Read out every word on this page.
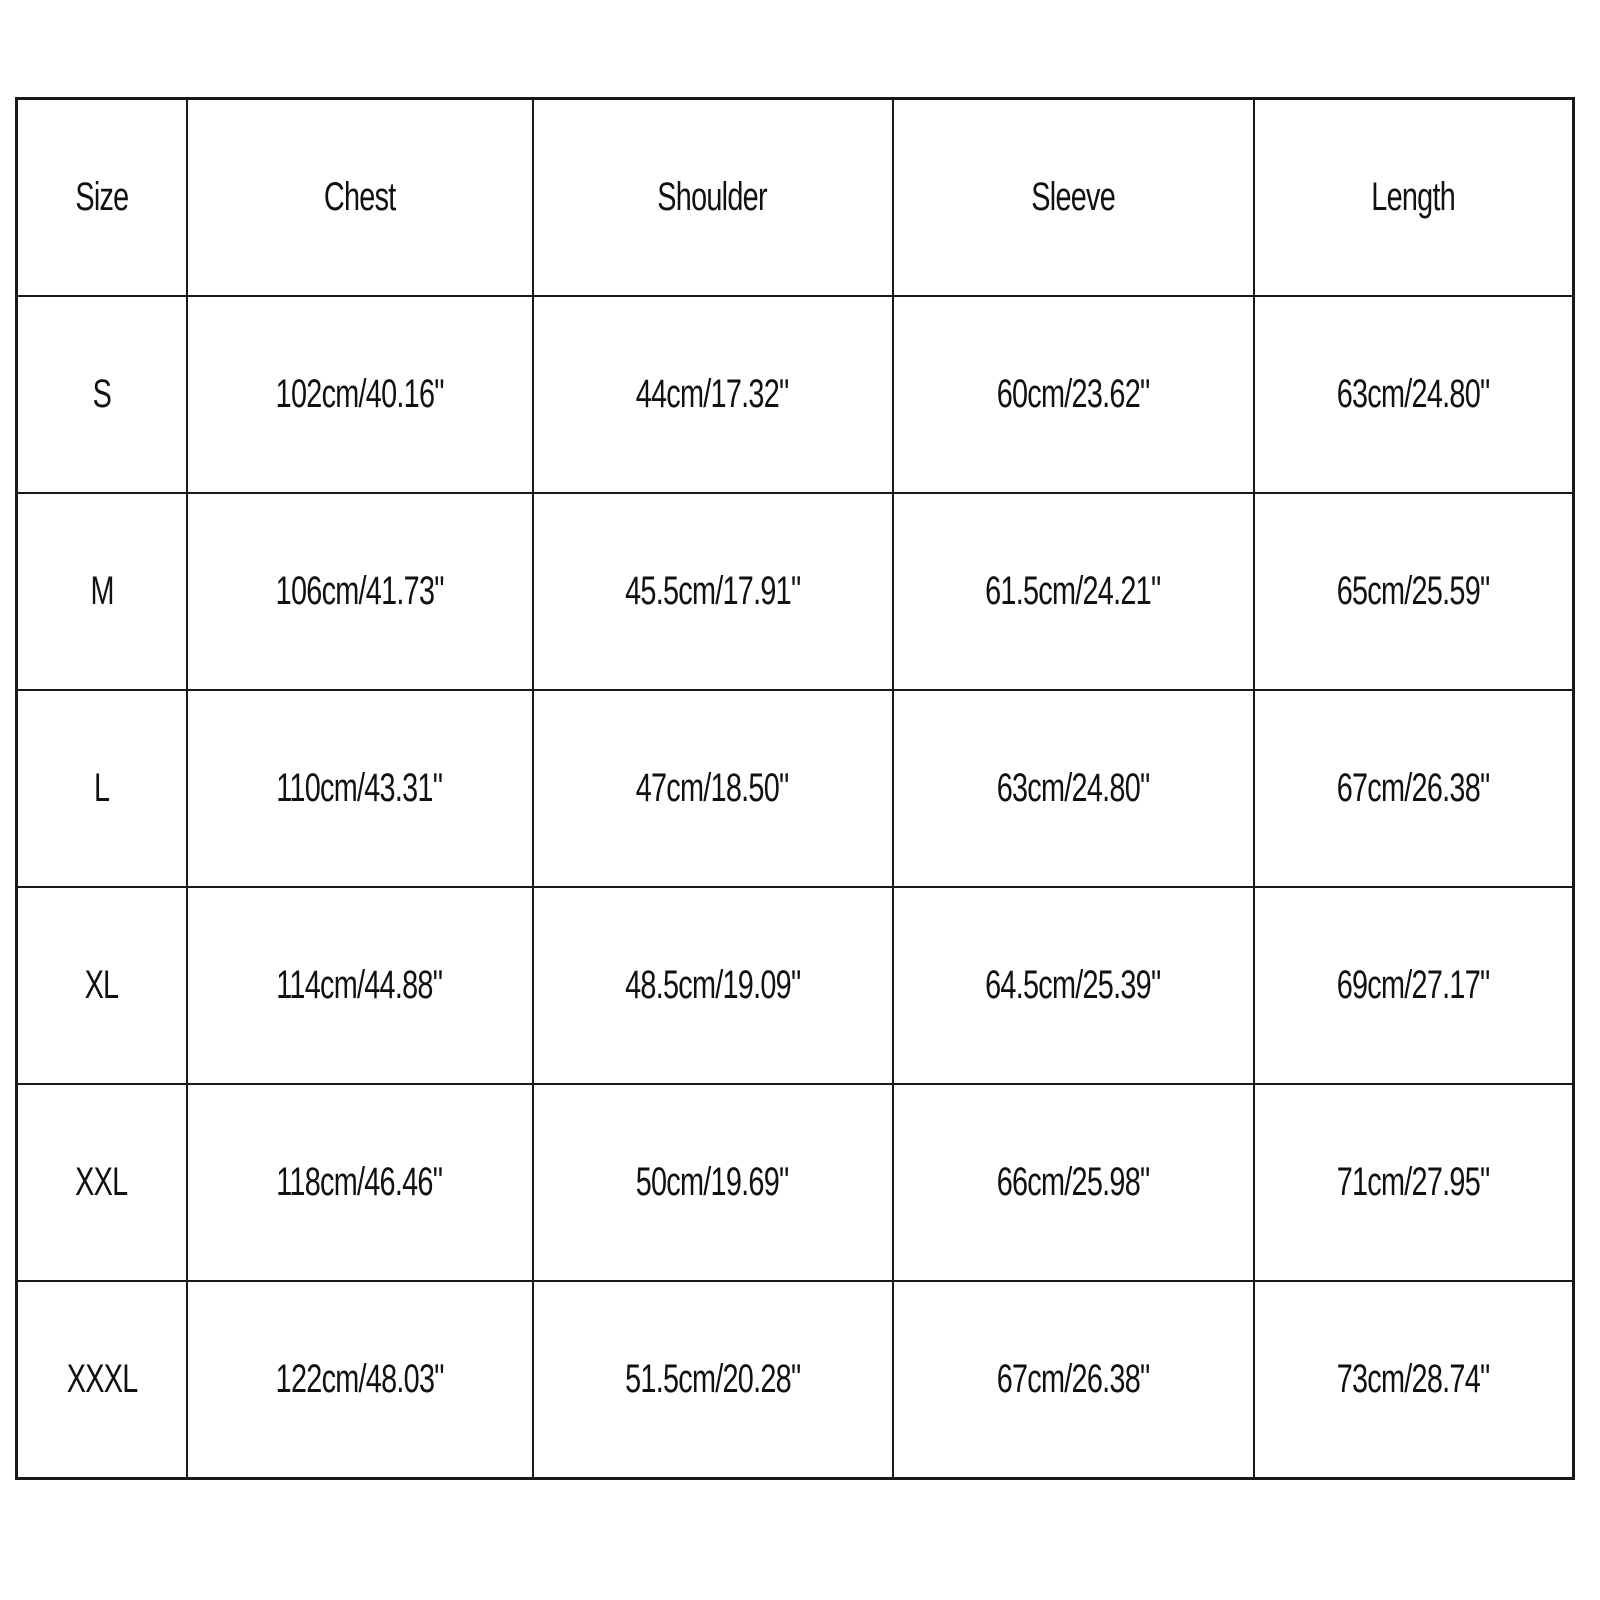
Size	Chest	Shoulder	Sleeve	Length
S	102cm/40.16"	44cm/17.32"	60cm/23.62"	63cm/24.80"
M	106cm/41.73"	45.5cm/17.91"	61.5cm/24.21"	65cm/25.59"
L	110cm/43.31"	47cm/18.50"	63cm/24.80"	67cm/26.38"
XL	114cm/44.88"	48.5cm/19.09"	64.5cm/25.39"	69cm/27.17"
XXL	118cm/46.46"	50cm/19.69"	66cm/25.98"	71cm/27.95"
XXXL	122cm/48.03"	51.5cm/20.28"	67cm/26.38"	73cm/28.74"
